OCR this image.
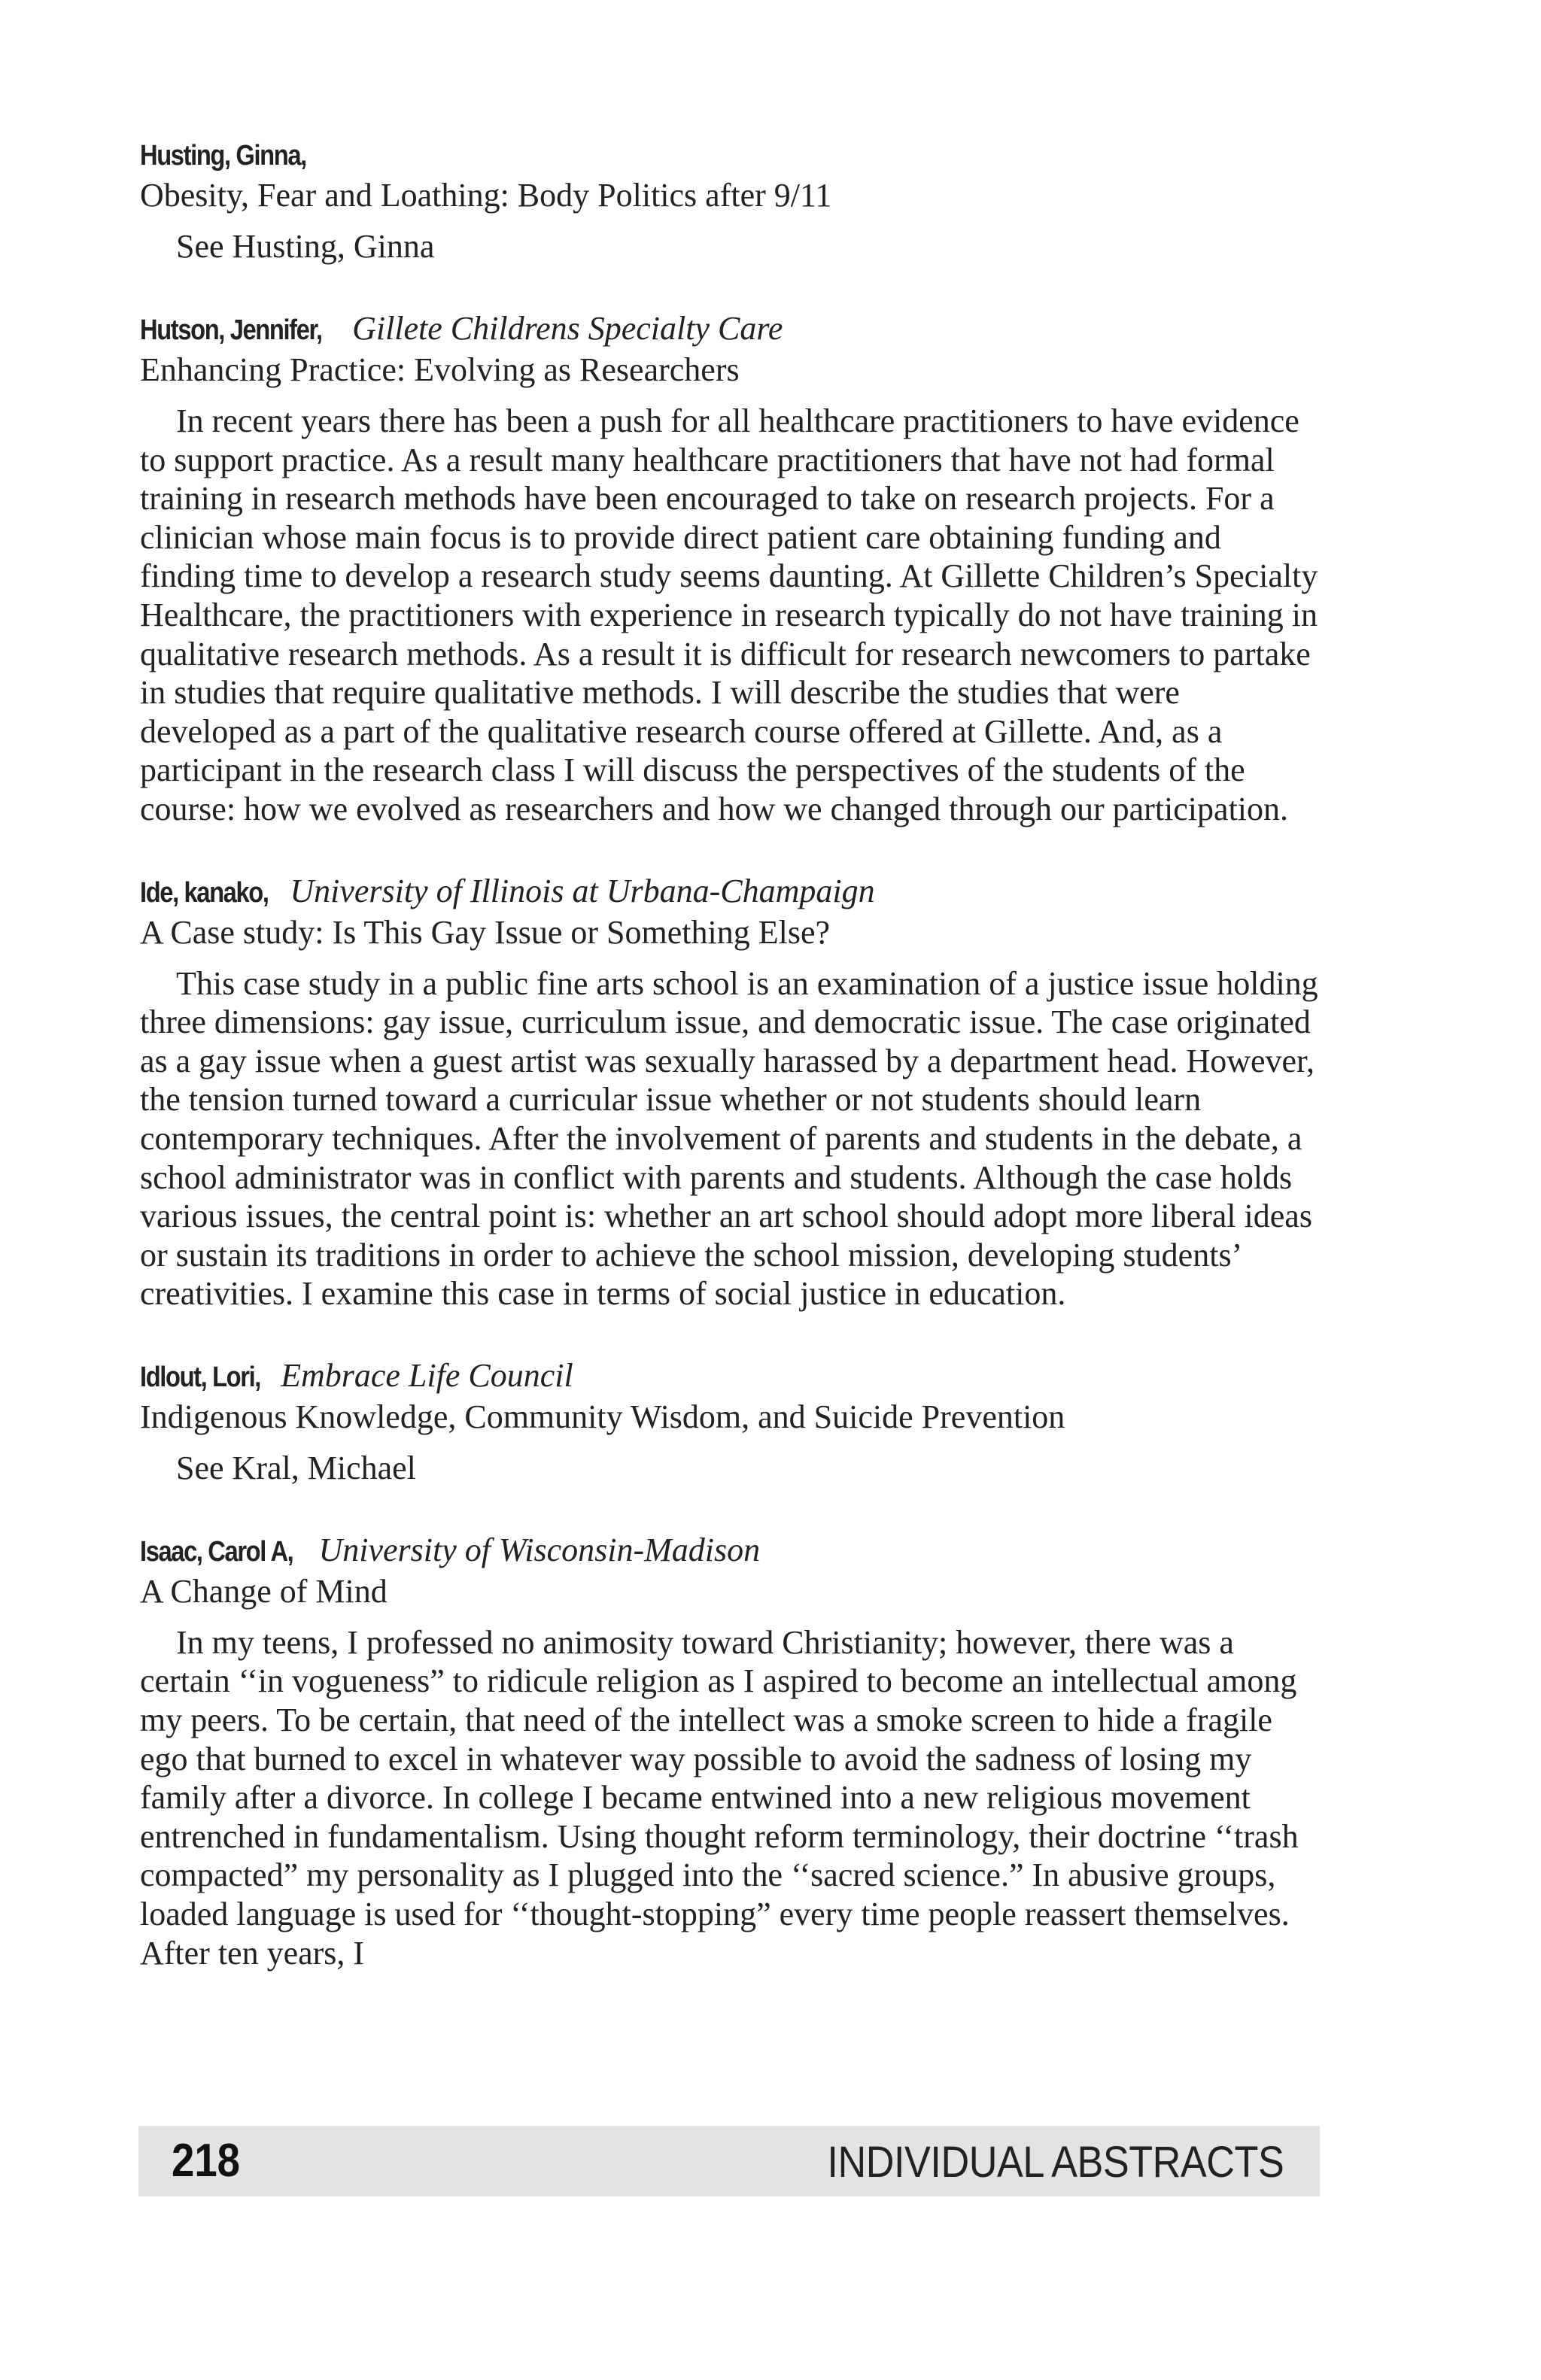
Husting, Ginna,

Obesity, Fear and Loathing: Body Politics after 9/11

See Husting, Ginna

Hutson, Jennifer, Gillete Childrens Specialty Care

Enhancing Practice: Evolving as Researchers

In recent years there has been a push for all healthcare practitioners to have evidence to support practice. As a result many healthcare practitioners that have not had formal training in research methods have been encouraged to take on research projects. For a clinician whose main focus is to provide direct patient care obtaining funding and finding time to develop a research study seems daunting. At Gillette Children’s Specialty Healthcare, the practitioners with experience in research typically do not have training in qualitative research methods. As a result it is difficult for research newcomers to partake in studies that require qualitative methods. I will describe the studies that were developed as a part of the qualitative research course offered at Gillette. And, as a participant in the research class I will discuss the perspectives of the students of the course: how we evolved as researchers and how we changed through our participation.

Ide, kanako, University of Illinois at Urbana-Champaign

A Case study: Is This Gay Issue or Something Else?

This case study in a public fine arts school is an examination of a justice issue holding three dimensions: gay issue, curriculum issue, and democratic issue. The case originated as a gay issue when a guest artist was sexually harassed by a department head. However, the tension turned toward a curricular issue whether or not students should learn contemporary techniques. After the involvement of parents and students in the debate, a school administrator was in conflict with parents and students. Although the case holds various issues, the central point is: whether an art school should adopt more liberal ideas or sustain its traditions in order to achieve the school mission, developing students’ creativities. I examine this case in terms of social justice in education.

Idlout, Lori, Embrace Life Council

Indigenous Knowledge, Community Wisdom, and Suicide Prevention

See Kral, Michael

Isaac, Carol A, University of Wisconsin-Madison

A Change of Mind

In my teens, I professed no animosity toward Christianity; however, there was a certain ‘‘in vogueness” to ridicule religion as I aspired to become an intellectual among my peers. To be certain, that need of the intellect was a smoke screen to hide a fragile ego that burned to excel in whatever way possible to avoid the sadness of losing my family after a divorce. In college I became entwined into a new religious movement entrenched in fundamentalism. Using thought reform terminology, their doctrine ‘‘trash compacted” my personality as I plugged into the ‘‘sacred science.” In abusive groups, loaded language is used for ‘‘thought-stopping” every time people reassert themselves. After ten years, I

218	INDIVIDUAL ABSTRACTS
